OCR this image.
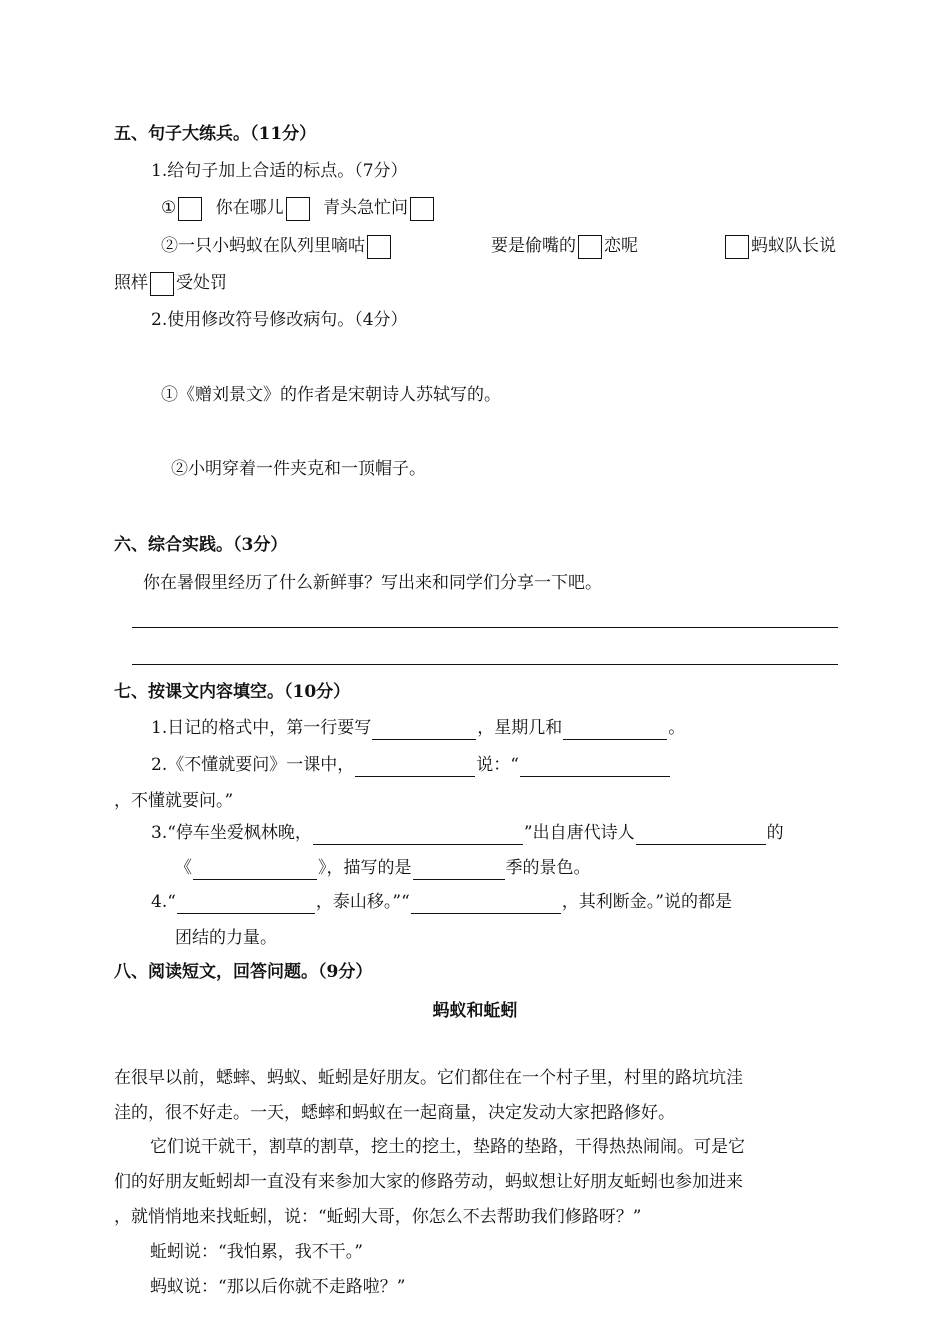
五、句子大练兵。（11分）
1.给句子加上合适的标点。（7分）
① 你在哪儿 青头急忙问
②一只小蚂蚁在队列里嘀咕	要是偷嘴的 恋呢	蚂蚁队长说
照样 受处罚
2.使用修改符号修改病句。（4分）
①《赠刘景文》的作者是宋朝诗人苏轼写的。
②小明穿着一件夹克和一顶帽子。
六、综合实践。（3分）
你在暑假里经历了什么新鲜事？写出来和同学们分享一下吧。
七、按课文内容填空。（10分）
1.日记的格式中，第一行要写	，星期几和	。
2.《不懂就要问》一课中，	说：“
，不懂就要问。”
3.“停车坐爱枫林晚，	”出自唐代诗人	的
《	》，描写的是	季的景色。
4.“	，泰山移。”“	，其利断金。”说的都是
团结的力量。
八、阅读短文，回答问题。（9分）
蚂蚁和蚯蚓
在很早以前，蟋蟀、蚂蚁、蚯蚓是好朋友。它们都住在一个村子里，村里的路坑坑洼
洼的，很不好走。一天，蟋蟀和蚂蚁在一起商量，决定发动大家把路修好。
它们说干就干，割草的割草，挖土的挖土，垫路的垫路，干得热热闹闹。可是它
们的好朋友蚯蚓却一直没有来参加大家的修路劳动，蚂蚁想让好朋友蚯蚓也参加进来
，就悄悄地来找蚯蚓，说：“蚯蚓大哥，你怎么不去帮助我们修路呀？”
蚯蚓说：“我怕累，我不干。”
蚂蚁说：“那以后你就不走路啦？”
